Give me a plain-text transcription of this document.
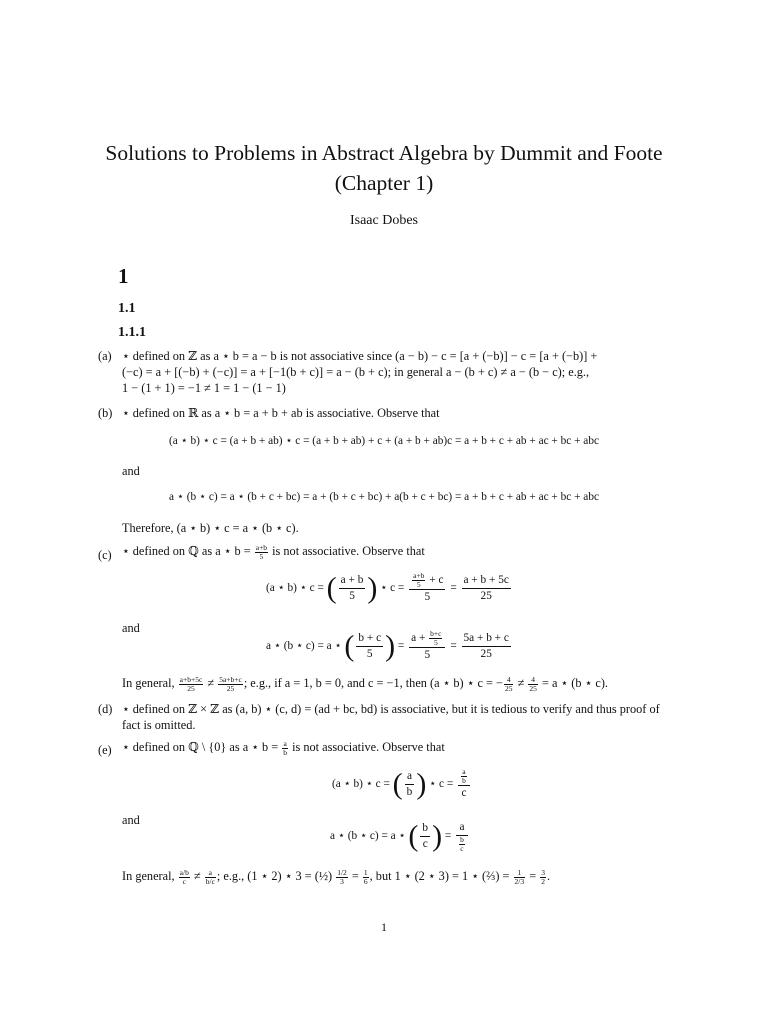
Solutions to Problems in Abstract Algebra by Dummit and Foote
(Chapter 1)
Isaac Dobes
1
1.1
1.1.1
(a) ⋆ defined on ℤ as a ⋆ b = a − b is not associative since (a − b) − c = [a + (−b)] − c = [a + (−b)] +
(−c) = a + [(−b) + (−c)] = a + [−1(b + c)] = a − (b + c); in general a − (b + c) ≠ a − (b − c); e.g.,
1 − (1 + 1) = −1 ≠ 1 = 1 − (1 − 1)
(b) ⋆ defined on ℝ as a ⋆ b = a + b + ab is associative. Observe that
(a ⋆ b) ⋆ c = (a + b + ab) ⋆ c = (a + b + ab) + c + (a + b + ab)c = a + b + c + ab + ac + bc + abc
and
a ⋆ (b ⋆ c) = a ⋆ (b + c + bc) = a + (b + c + bc) + a(b + c + bc) = a + b + c + ab + ac + bc + abc
Therefore, (a ⋆ b) ⋆ c = a ⋆ (b ⋆ c).
(c) ⋆ defined on ℚ as a ⋆ $b = \frac{a+b}{5}$ is not associative. Observe that
(a ⋆ b) ⋆ c = ( $\frac{a + b}{5}$ ) ⋆ $c = \frac{\frac{a+b}{5} + c}{5} = \frac{a + b + 5c}{25}$
and
a ⋆ (b ⋆ c) = a ⋆ ( $\frac{b + c}{5}$ ) = $\frac{a + \frac{b+c}{5}}{5} = \frac{5a + b + c}{25}$
In general, $\frac{a+b+5c}{25} \ne \frac{5a+b+c}{25}$ ; e.g., if a = 1, b = 0, and c = −1, then (a ⋆ b) ⋆ c = − $\frac{4}{25} \ne \frac{4}{25} = a$ ⋆ (b ⋆ c).
(d) ⋆ defined on ℤ × ℤ as (a, b) ⋆ (c, d) = (ad + bc, bd) is associative, but it is tedious to verify and thus proof of
fact is omitted.
(e) ⋆ defined on ℚ \ {0} as a ⋆ $b = \frac{a}{b}$ is not associative. Observe that
(a ⋆ b) ⋆ c = ( $\frac{a}{b}$ ) ⋆ $c = \frac{\frac{a}{b}}{c}$
and
a ⋆ (b ⋆ c) = a ⋆ ( $\frac{b}{c}$ ) = $\frac{a}{\frac{b}{c}}$
In general, $\frac{a/b}{c} \ne \frac{a}{b/c}$ ; e.g., (1 ⋆ 2) ⋆ 3 = (½) $\frac{1/2}{3} = \frac{1}{6}$ , but 1 ⋆ (2 ⋆ 3) = 1 ⋆ (⅔) = $\frac{1}{2/3} = \frac{3}{2}$ .
1
